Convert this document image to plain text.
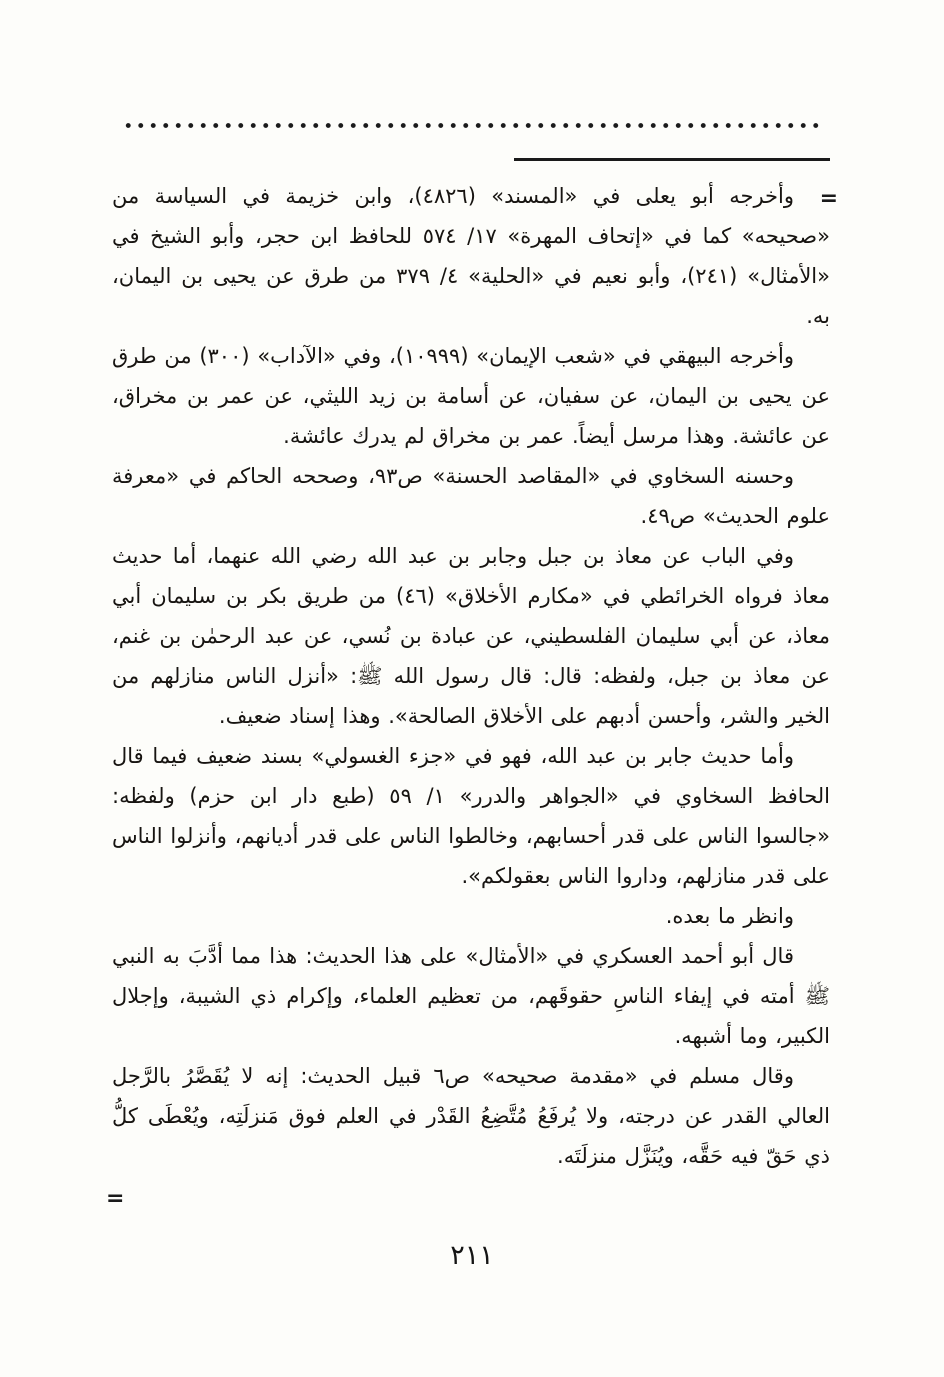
=

وأخرجه أبو يعلى في «المسند» (٤٨٢٦)، وابن خزيمة في السياسة من «صحيحه» كما في «إتحاف المهرة» ١٧/ ٥٧٤ للحافظ ابن حجر، وأبو الشيخ في «الأمثال» (٢٤١)، وأبو نعيم في «الحلية» ٤/ ٣٧٩ من طرق عن يحيى بن اليمان، به.

وأخرجه البيهقي في «شعب الإيمان» (١٠٩٩٩)، وفي «الآداب» (٣٠٠) من طرق عن يحيى بن اليمان، عن سفيان، عن أسامة بن زيد الليثي، عن عمر بن مخراق، عن عائشة. وهذا مرسل أيضاً. عمر بن مخراق لم يدرك عائشة.

وحسنه السخاوي في «المقاصد الحسنة» ص٩٣، وصححه الحاكم في «معرفة علوم الحديث» ص٤٩.

وفي الباب عن معاذ بن جبل وجابر بن عبد الله رضي الله عنهما، أما حديث معاذ فرواه الخرائطي في «مكارم الأخلاق» (٤٦) من طريق بكر بن سليمان أبي معاذ، عن أبي سليمان الفلسطيني، عن عبادة بن نُسي، عن عبد الرحمٰن بن غنم، عن معاذ بن جبل، ولفظه: قال: قال رسول الله ﷺ: «أنزل الناس منازلهم من الخير والشر، وأحسن أدبهم على الأخلاق الصالحة». وهذا إسناد ضعيف.

وأما حديث جابر بن عبد الله، فهو في «جزء الغسولي» بسند ضعيف فيما قال الحافظ السخاوي في «الجواهر والدرر» ١/ ٥٩ (طبع دار ابن حزم) ولفظه: «جالسوا الناس على قدر أحسابهم، وخالطوا الناس على قدر أديانهم، وأنزلوا الناس على قدر منازلهم، وداروا الناس بعقولكم».

وانظر ما بعده.

قال أبو أحمد العسكري في «الأمثال» على هذا الحديث: هذا مما أدَّبَ به النبي ﷺ أمته في إيفاء الناسِ حقوقَهم، من تعظيم العلماء، وإكرام ذي الشيبة، وإجلال الكبير، وما أشبهه.

وقال مسلم في «مقدمة صحيحه» ص٦ قبيل الحديث: إنه لا يُقَصَّرُ بالرَّجل العالي القدر عن درجته، ولا يُرفَعُ مُتَّضِعُ القَدْر في العلم فوق مَنزلَتِه، ويُعْطَى كلُّ ذي حَقّ فيه حَقَّه، ويُنَزَّل منزلَتَه.

=
٢١١
